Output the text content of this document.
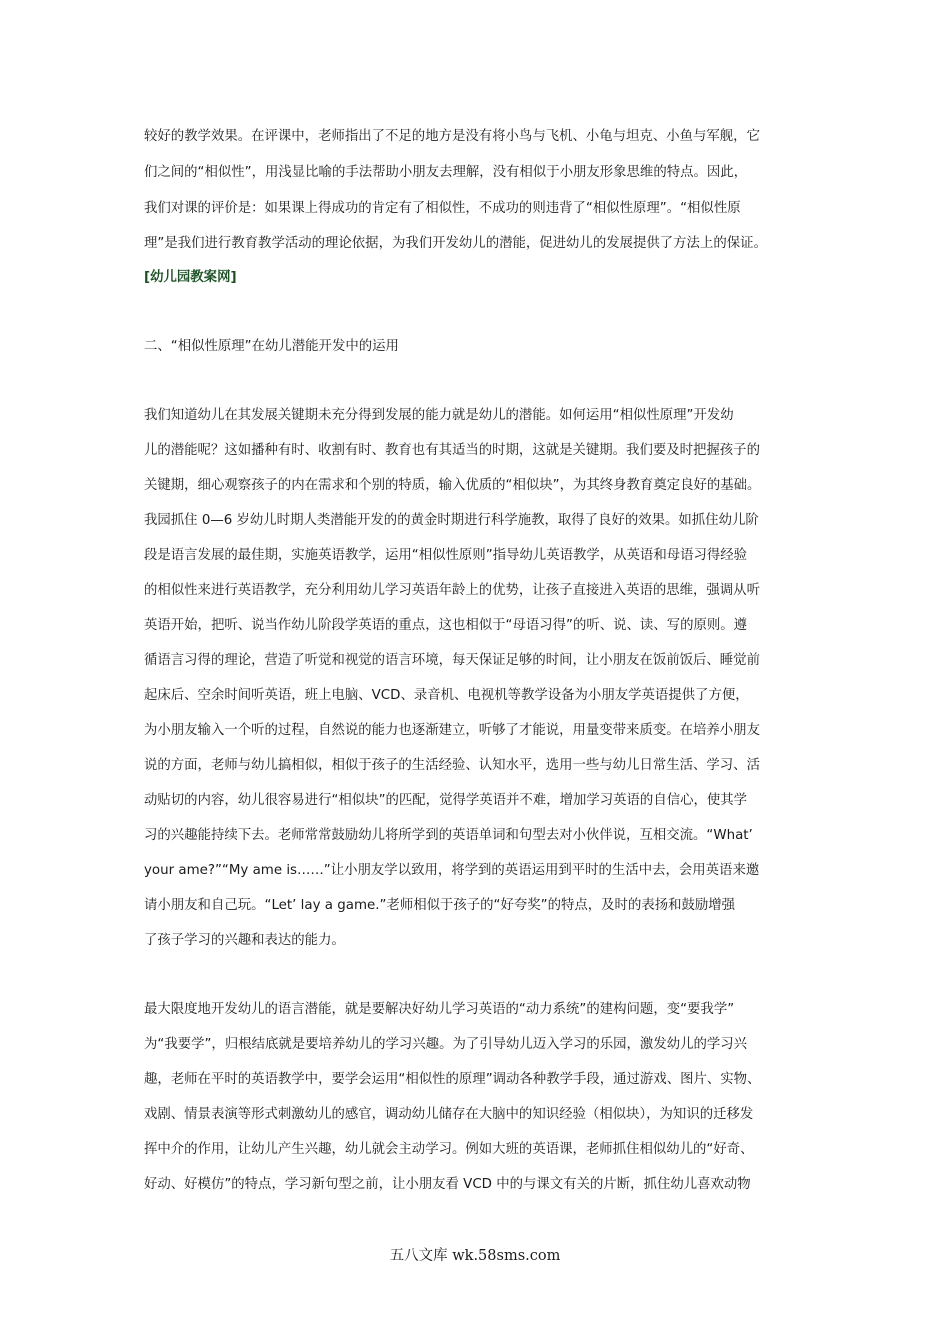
较好的教学效果。在评课中，老师指出了不足的地方是没有将小鸟与飞机、小龟与坦克、小鱼与军舰，它
们之间的“相似性”，用浅显比喻的手法帮助小朋友去理解，没有相似于小朋友形象思维的特点。因此，
我们对课的评价是：如果课上得成功的肯定有了相似性，不成功的则违背了“相似性原理”。“相似性原
理”是我们进行教育教学活动的理论依据，为我们开发幼儿的潜能，促进幼儿的发展提供了方法上的保证。
[幼儿园教案网]
二、“相似性原理”在幼儿潜能开发中的运用
我们知道幼儿在其发展关键期未充分得到发展的能力就是幼儿的潜能。如何运用“相似性原理”开发幼
儿的潜能呢？这如播种有时、收割有时、教育也有其适当的时期，这就是关键期。我们要及时把握孩子的
关键期，细心观察孩子的内在需求和个别的特质，输入优质的“相似块”，为其终身教育奠定良好的基础。
我园抓住 0—6 岁幼儿时期人类潜能开发的的黄金时期进行科学施教，取得了良好的效果。如抓住幼儿阶
段是语言发展的最佳期，实施英语教学，运用“相似性原则”指导幼儿英语教学，从英语和母语习得经验
的相似性来进行英语教学，充分利用幼儿学习英语年龄上的优势，让孩子直接进入英语的思维，强调从听
英语开始，把听、说当作幼儿阶段学英语的重点，这也相似于“母语习得”的听、说、读、写的原则。遵
循语言习得的理论，营造了听觉和视觉的语言环境，每天保证足够的时间，让小朋友在饭前饭后、睡觉前
起床后、空余时间听英语，班上电脑、VCD、录音机、电视机等教学设备为小朋友学英语提供了方便，
为小朋友输入一个听的过程，自然说的能力也逐渐建立，听够了才能说，用量变带来质变。在培养小朋友
说的方面，老师与幼儿搞相似，相似于孩子的生活经验、认知水平，选用一些与幼儿日常生活、学习、活
动贴切的内容，幼儿很容易进行“相似块”的匹配，觉得学英语并不难，增加学习英语的自信心，使其学
习的兴趣能持续下去。老师常常鼓励幼儿将所学到的英语单词和句型去对小伙伴说，互相交流。“What’
your ame?”“My ame is……”让小朋友学以致用，将学到的英语运用到平时的生活中去，会用英语来邀
请小朋友和自己玩。“Let’ lay a game.”老师相似于孩子的“好夸奖”的特点，及时的表扬和鼓励增强
了孩子学习的兴趣和表达的能力。
最大限度地开发幼儿的语言潜能，就是要解决好幼儿学习英语的“动力系统”的建构问题，变“要我学”
为“我要学”，归根结底就是要培养幼儿的学习兴趣。为了引导幼儿迈入学习的乐园，激发幼儿的学习兴
趣，老师在平时的英语教学中，要学会运用“相似性的原理”调动各种教学手段，通过游戏、图片、实物、
戏剧、情景表演等形式刺激幼儿的感官，调动幼儿储存在大脑中的知识经验（相似块），为知识的迁移发
挥中介的作用，让幼儿产生兴趣，幼儿就会主动学习。例如大班的英语课，老师抓住相似幼儿的“好奇、
好动、好模仿”的特点，学习新句型之前，让小朋友看 VCD 中的与课文有关的片断，抓住幼儿喜欢动物
五八文库 wk.58sms.com
